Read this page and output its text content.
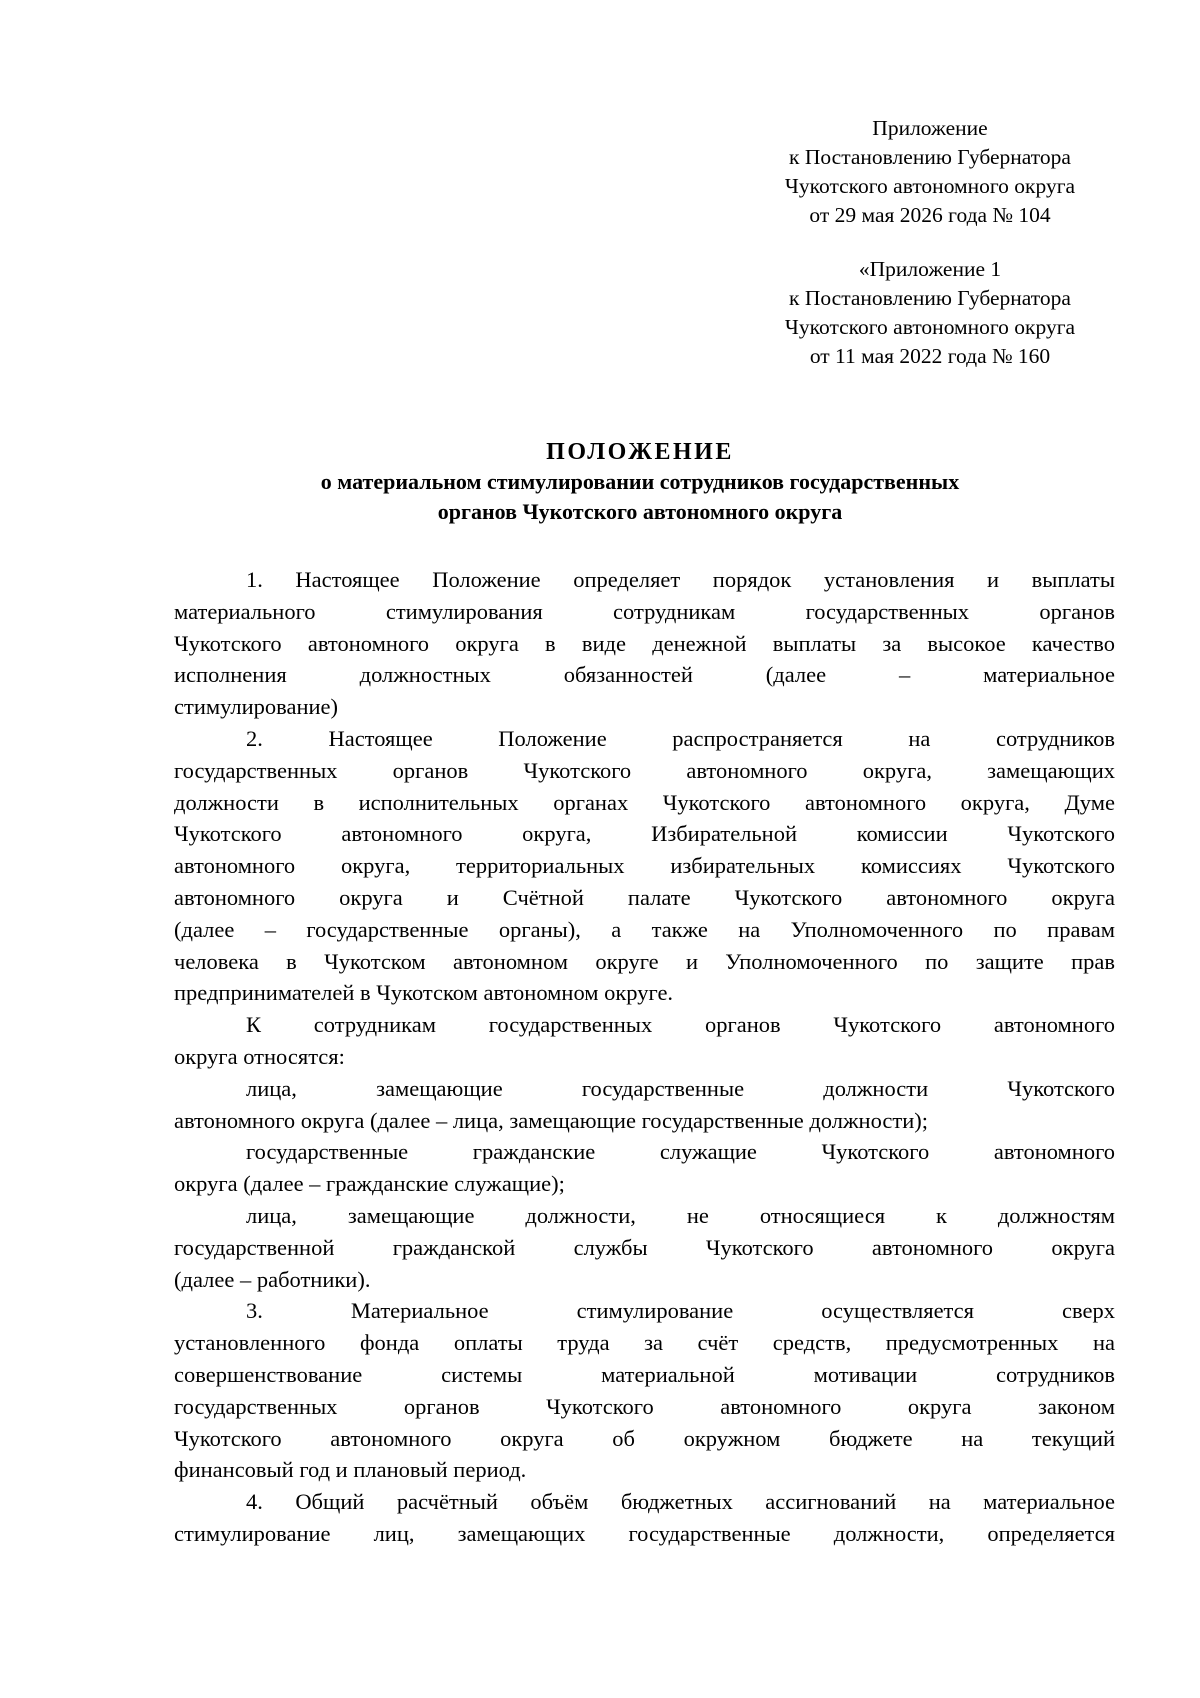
Приложение
к Постановлению Губернатора
Чукотского автономного округа
от 29 мая 2026 года № 104
«Приложение 1
к Постановлению Губернатора
Чукотского автономного округа
от 11 мая 2022 года № 160
ПОЛОЖЕНИЕ
о материальном стимулировании сотрудников государственных
органов Чукотского автономного округа
1. Настоящее Положение определяет порядок установления и выплаты
материального стимулирования сотрудникам государственных органов
Чукотского автономного округа в виде денежной выплаты за высокое качество
исполнения должностных обязанностей (далее – материальное
стимулирование)
2. Настоящее Положение распространяется на сотрудников
государственных органов Чукотского автономного округа, замещающих
должности в исполнительных органах Чукотского автономного округа, Думе
Чукотского автономного округа, Избирательной комиссии Чукотского
автономного округа, территориальных избирательных комиссиях Чукотского
автономного округа и Счётной палате Чукотского автономного округа
(далее – государственные органы), а также на Уполномоченного по правам
человека в Чукотском автономном округе и Уполномоченного по защите прав
предпринимателей в Чукотском автономном округе.
К сотрудникам государственных органов Чукотского автономного
округа относятся:
лица, замещающие государственные должности Чукотского
автономного округа (далее – лица, замещающие государственные должности);
государственные гражданские служащие Чукотского автономного
округа (далее – гражданские служащие);
лица, замещающие должности, не относящиеся к должностям
государственной гражданской службы Чукотского автономного округа
(далее – работники).
3. Материальное стимулирование осуществляется сверх
установленного фонда оплаты труда за счёт средств, предусмотренных на
совершенствование системы материальной мотивации сотрудников
государственных органов Чукотского автономного округа законом
Чукотского автономного округа об окружном бюджете на текущий
финансовый год и плановый период.
4. Общий расчётный объём бюджетных ассигнований на материальное
стимулирование лиц, замещающих государственные должности, определяется
